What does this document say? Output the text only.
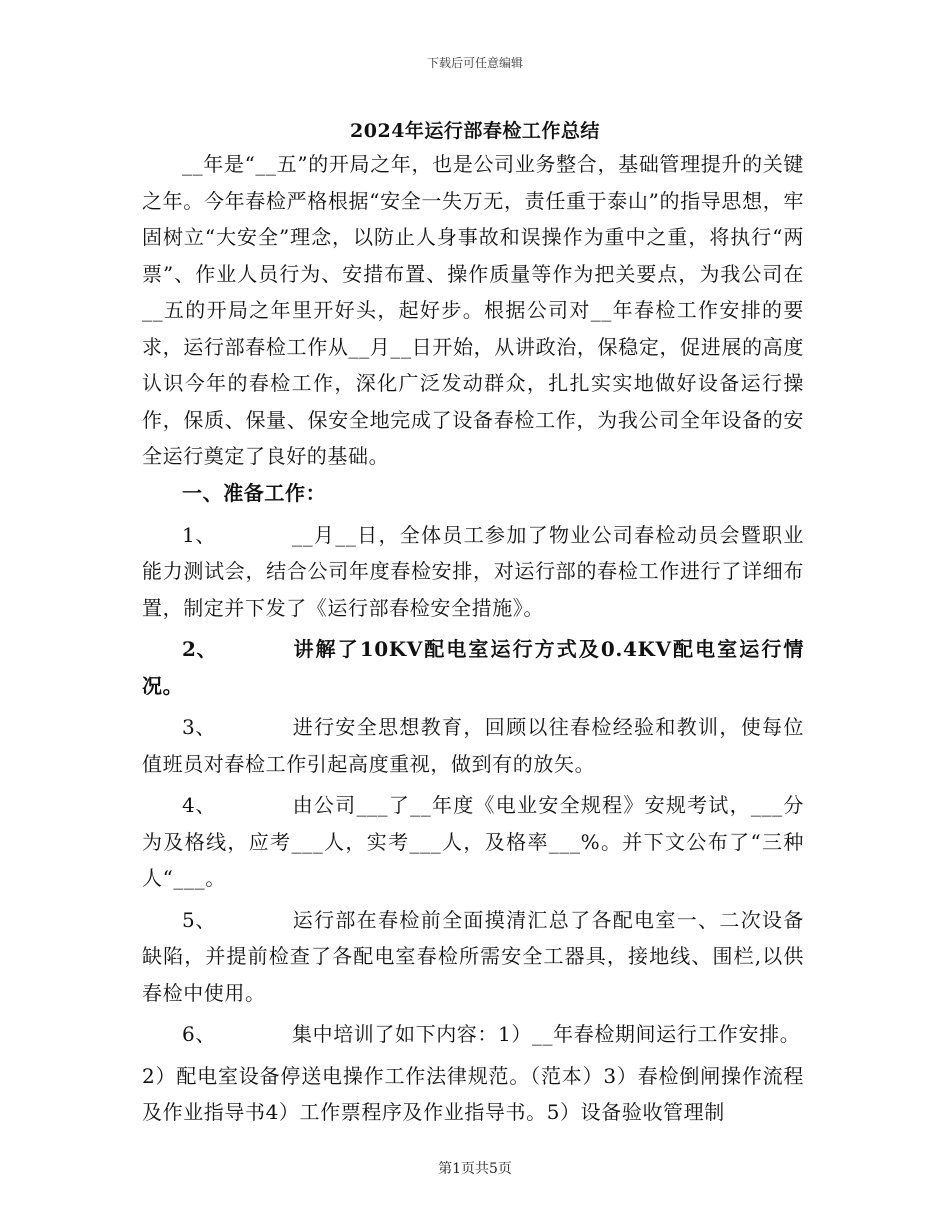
下载后可任意编辑
2024年运行部春检工作总结

__年是“__五”的开局之年，也是公司业务整合，基础管理提升的关键之年。今年春检严格根据“安全一失万无，责任重于泰山”的指导思想，牢固树立“大安全”理念，以防止人身事故和误操作为重中之重，将执行“两票”、作业人员行为、安措布置、操作质量等作为把关要点，为我公司在__五的开局之年里开好头，起好步。根据公司对__年春检工作安排的要求，运行部春检工作从__月__日开始，从讲政治，保稳定，促进展的高度认识今年的春检工作，深化广泛发动群众，扎扎实实地做好设备运行操作，保质、保量、保安全地完成了设备春检工作，为我公司全年设备的安全运行奠定了良好的基础。

一、准备工作：

1、	__月__日，全体员工参加了物业公司春检动员会暨职业能力测试会，结合公司年度春检安排，对运行部的春检工作进行了详细布置，制定并下发了《运行部春检安全措施》。

2、	讲解了10KV配电室运行方式及0.4KV配电室运行情况。

3、	进行安全思想教育，回顾以往春检经验和教训，使每位值班员对春检工作引起高度重视，做到有的放矢。

4、	由公司___了__年度《电业安全规程》安规考试，___分为及格线，应考___人，实考___人，及格率___%。并下文公布了“三种人“___。

5、	运行部在春检前全面摸清汇总了各配电室一、二次设备缺陷，并提前检查了各配电室春检所需安全工器具，接地线、围栏,以供春检中使用。

6、	集中培训了如下内容：1）__年春检期间运行工作安排。

2）配电室设备停送电操作工作法律规范。（范本）3）春检倒闸操作流程及作业指导书4）工作票程序及作业指导书。5）设备验收管理制

第1页共5页
